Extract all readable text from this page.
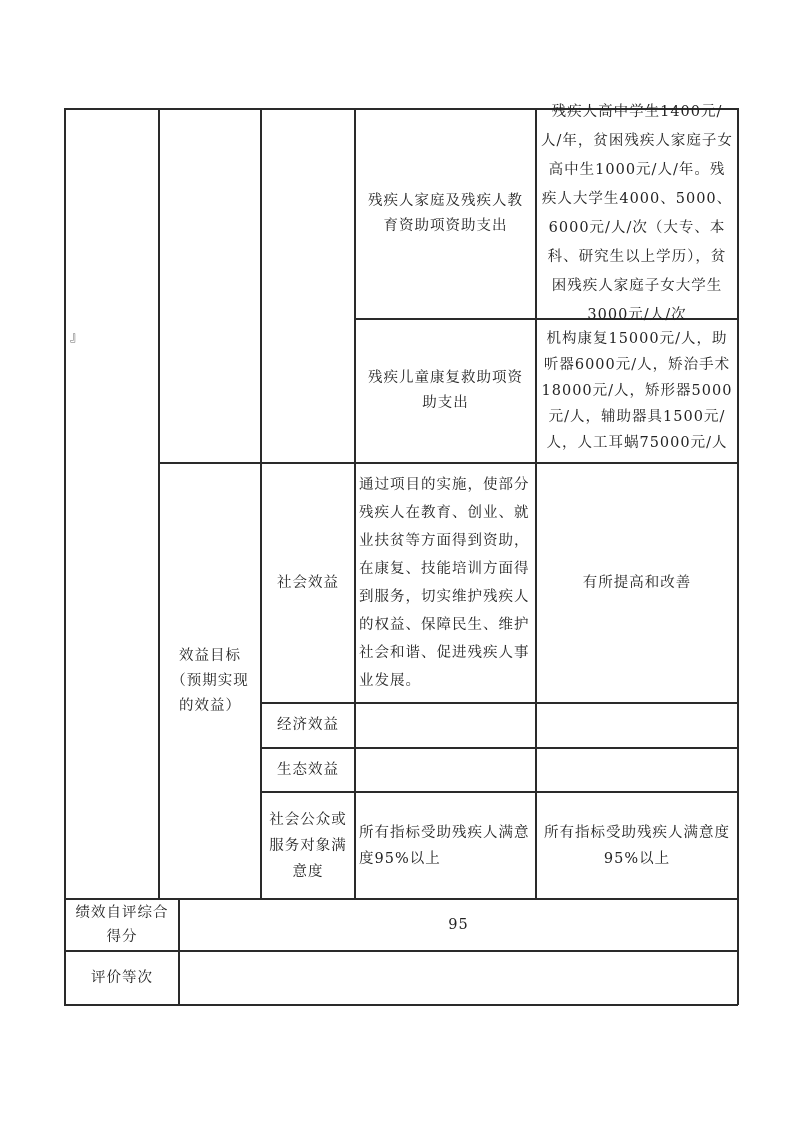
残疾人家庭及残疾人教育资助项资助支出
残疾人高中学生1400元/人/年，贫困残疾人家庭子女高中生1000元/人/年。残疾人大学生4000、5000、6000元/人/次（大专、本科、研究生以上学历），贫困残疾人家庭子女大学生3000元/人/次
残疾儿童康复救助项资助支出
机构康复15000元/人，助听器6000元/人，矫治手术18000元/人，矫形器5000元/人，辅助器具1500元/人，人工耳蜗75000元/人
效益目标（预期实现的效益）
社会效益
通过项目的实施，使部分残疾人在教育、创业、就业扶贫等方面得到资助，在康复、技能培训方面得到服务，切实维护残疾人的权益、保障民生、维护社会和谐、促进残疾人事业发展。
有所提高和改善
经济效益
生态效益
社会公众或服务对象满意度
所有指标受助残疾人满意度95%以上
所有指标受助残疾人满意度95%以上
绩效自评综合得分
95
评价等次
』
